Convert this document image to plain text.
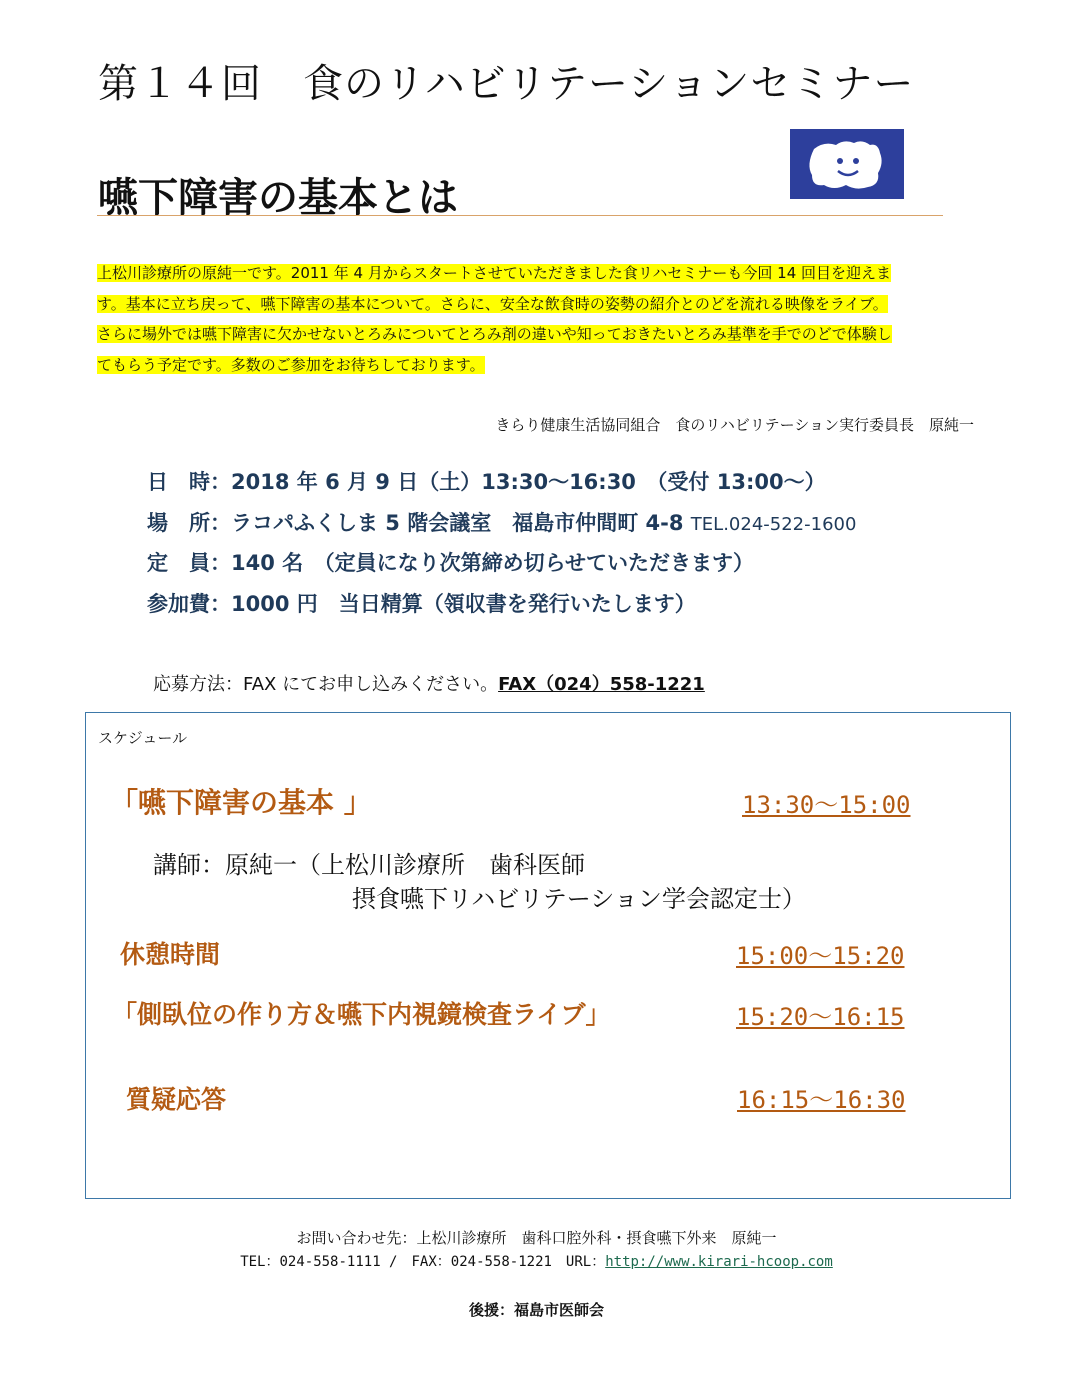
第１４回　食のリハビリテーションセミナー
嚥下障害の基本とは
上松川診療所の原純一です。2011 年 4 月からスタートさせていただきました食リハセミナーも今回 14 回目を迎えま
す。基本に立ち戻って、嚥下障害の基本について。さらに、安全な飲食時の姿勢の紹介とのどを流れる映像をライブ。
さらに場外では嚥下障害に欠かせないとろみについてとろみ剤の違いや知っておきたいとろみ基準を手でのどで体験し
てもらう予定です。多数のご参加をお待ちしております。
きらり健康生活協同組合　食のリハビリテーション実行委員長　原純一
日　時：2018 年 6 月 9 日（土）13:30〜16:30　（受付 13:00〜）
場　所：ラコパふくしま 5 階会議室　福島市仲間町 4-8 TEL.024-522-1600
定　員：140 名　（定員になり次第締め切らせていただきます）
参加費：1000 円　当日精算（領収書を発行いたします）
応募方法：FAX にてお申し込みください。FAX（024）558-1221
スケジュール
「嚥下障害の基本 」	13:30〜15:00
講師：原純一（上松川診療所　歯科医師
摂食嚥下リハビリテーション学会認定士）
休憩時間	15:00〜15:20
「側臥位の作り方＆嚥下内視鏡検査ライブ」	15:20〜16:15
質疑応答	16:15〜16:30
お問い合わせ先：上松川診療所　歯科口腔外科・摂食嚥下外来　原純一
TEL：024-558-1111 /　FAX：024-558-1221　URL：http://www.kirari-hcoop.com
後援：福島市医師会
